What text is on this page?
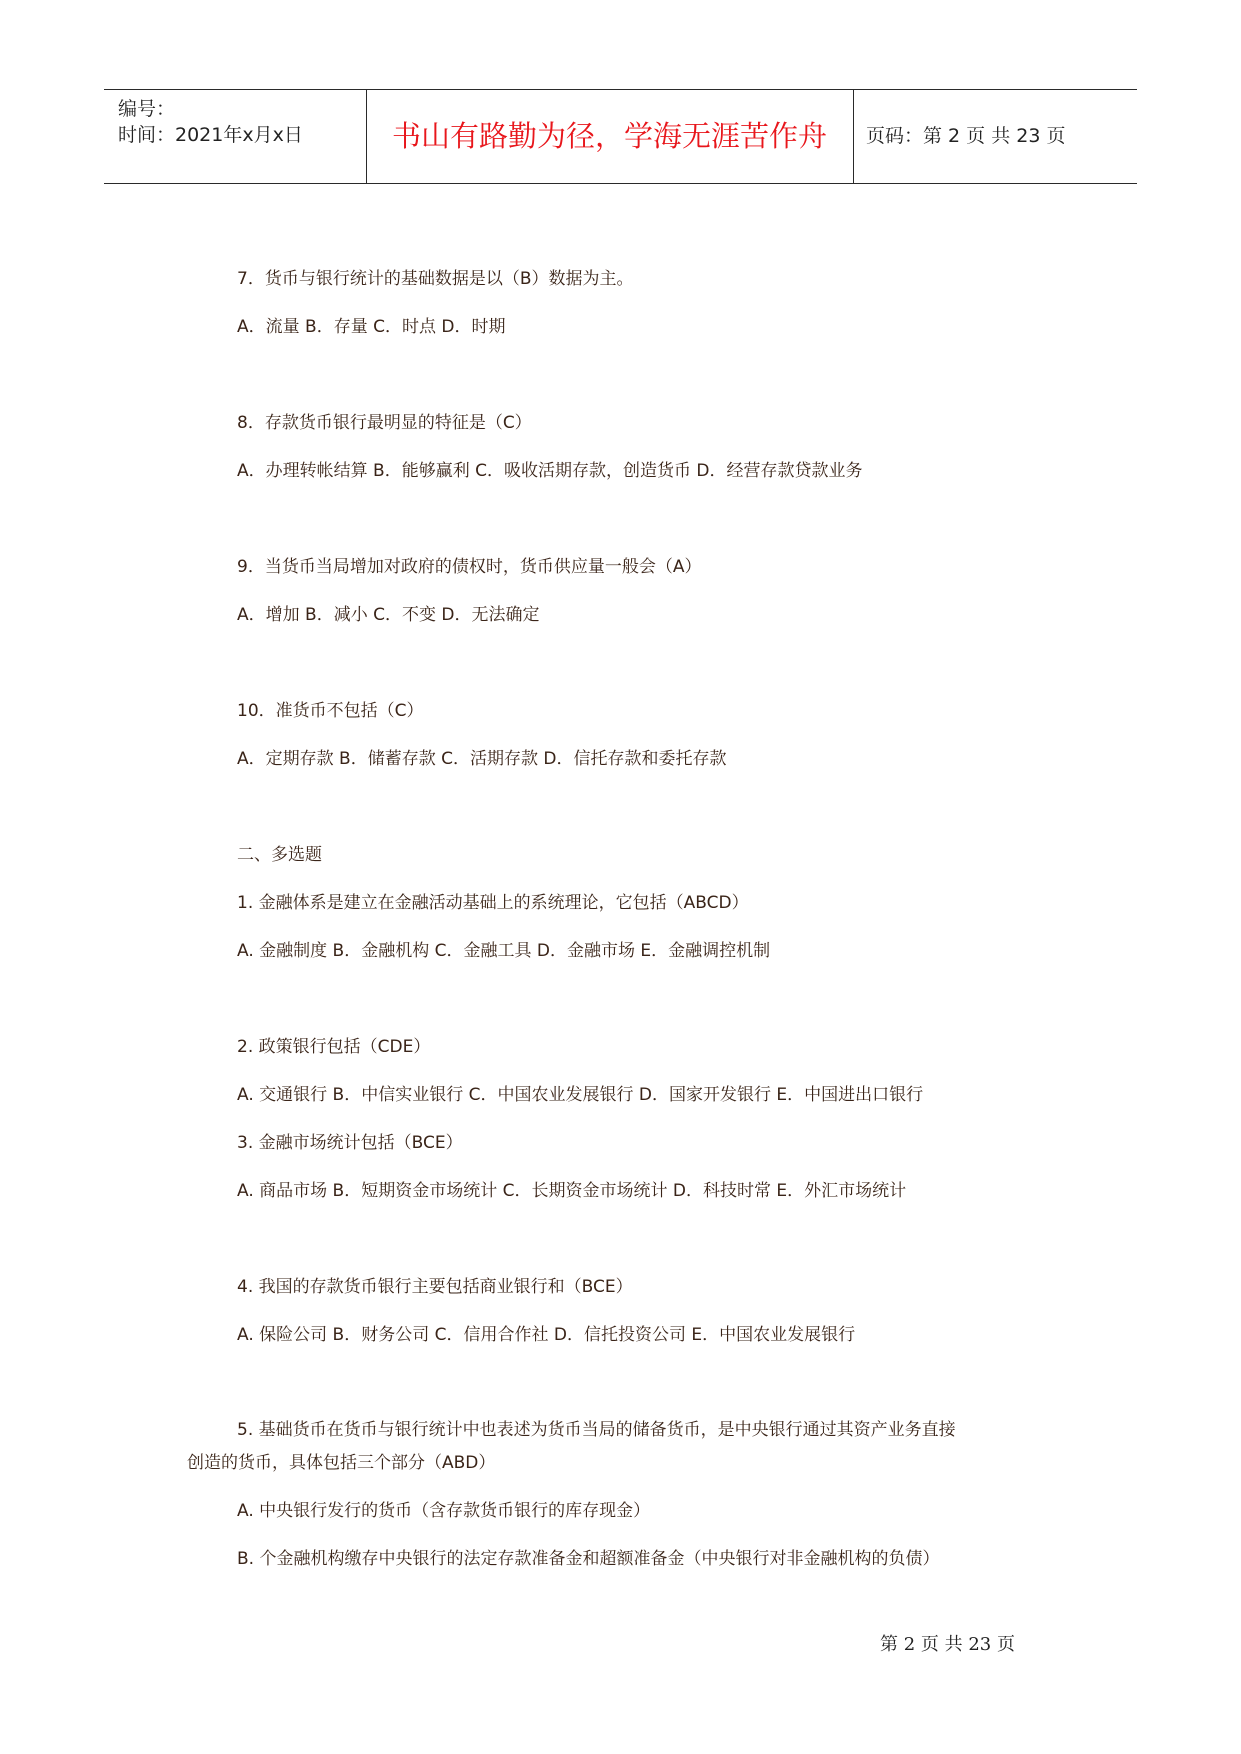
编号：
时间：2021年x月x日	书山有路勤为径，学海无涯苦作舟	页码：第 2 页 共 23 页
7．货币与银行统计的基础数据是以（B）数据为主。
A．流量 B．存量 C．时点 D．时期
8．存款货币银行最明显的特征是（C）
A．办理转帐结算 B．能够赢利 C．吸收活期存款，创造货币 D．经营存款贷款业务
9．当货币当局增加对政府的债权时，货币供应量一般会（A）
A．增加 B．减小 C．不变 D．无法确定
10．准货币不包括（C）
A．定期存款 B．储蓄存款 C．活期存款 D．信托存款和委托存款
二、多选题
1. 金融体系是建立在金融活动基础上的系统理论，它包括（ABCD）
A. 金融制度 B．金融机构 C．金融工具 D．金融市场 E．金融调控机制
2. 政策银行包括（CDE）
A. 交通银行 B．中信实业银行 C．中国农业发展银行 D．国家开发银行 E．中国进出口银行
3. 金融市场统计包括（BCE）
A. 商品市场 B．短期资金市场统计 C．长期资金市场统计 D．科技时常 E．外汇市场统计
4. 我国的存款货币银行主要包括商业银行和（BCE）
A. 保险公司 B．财务公司 C．信用合作社 D．信托投资公司 E．中国农业发展银行
5. 基础货币在货币与银行统计中也表述为货币当局的储备货币，是中央银行通过其资产业务直接
创造的货币，具体包括三个部分（ABD）
A. 中央银行发行的货币（含存款货币银行的库存现金）
B. 个金融机构缴存中央银行的法定存款准备金和超额准备金（中央银行对非金融机构的负债）
第 2 页 共 23 页
